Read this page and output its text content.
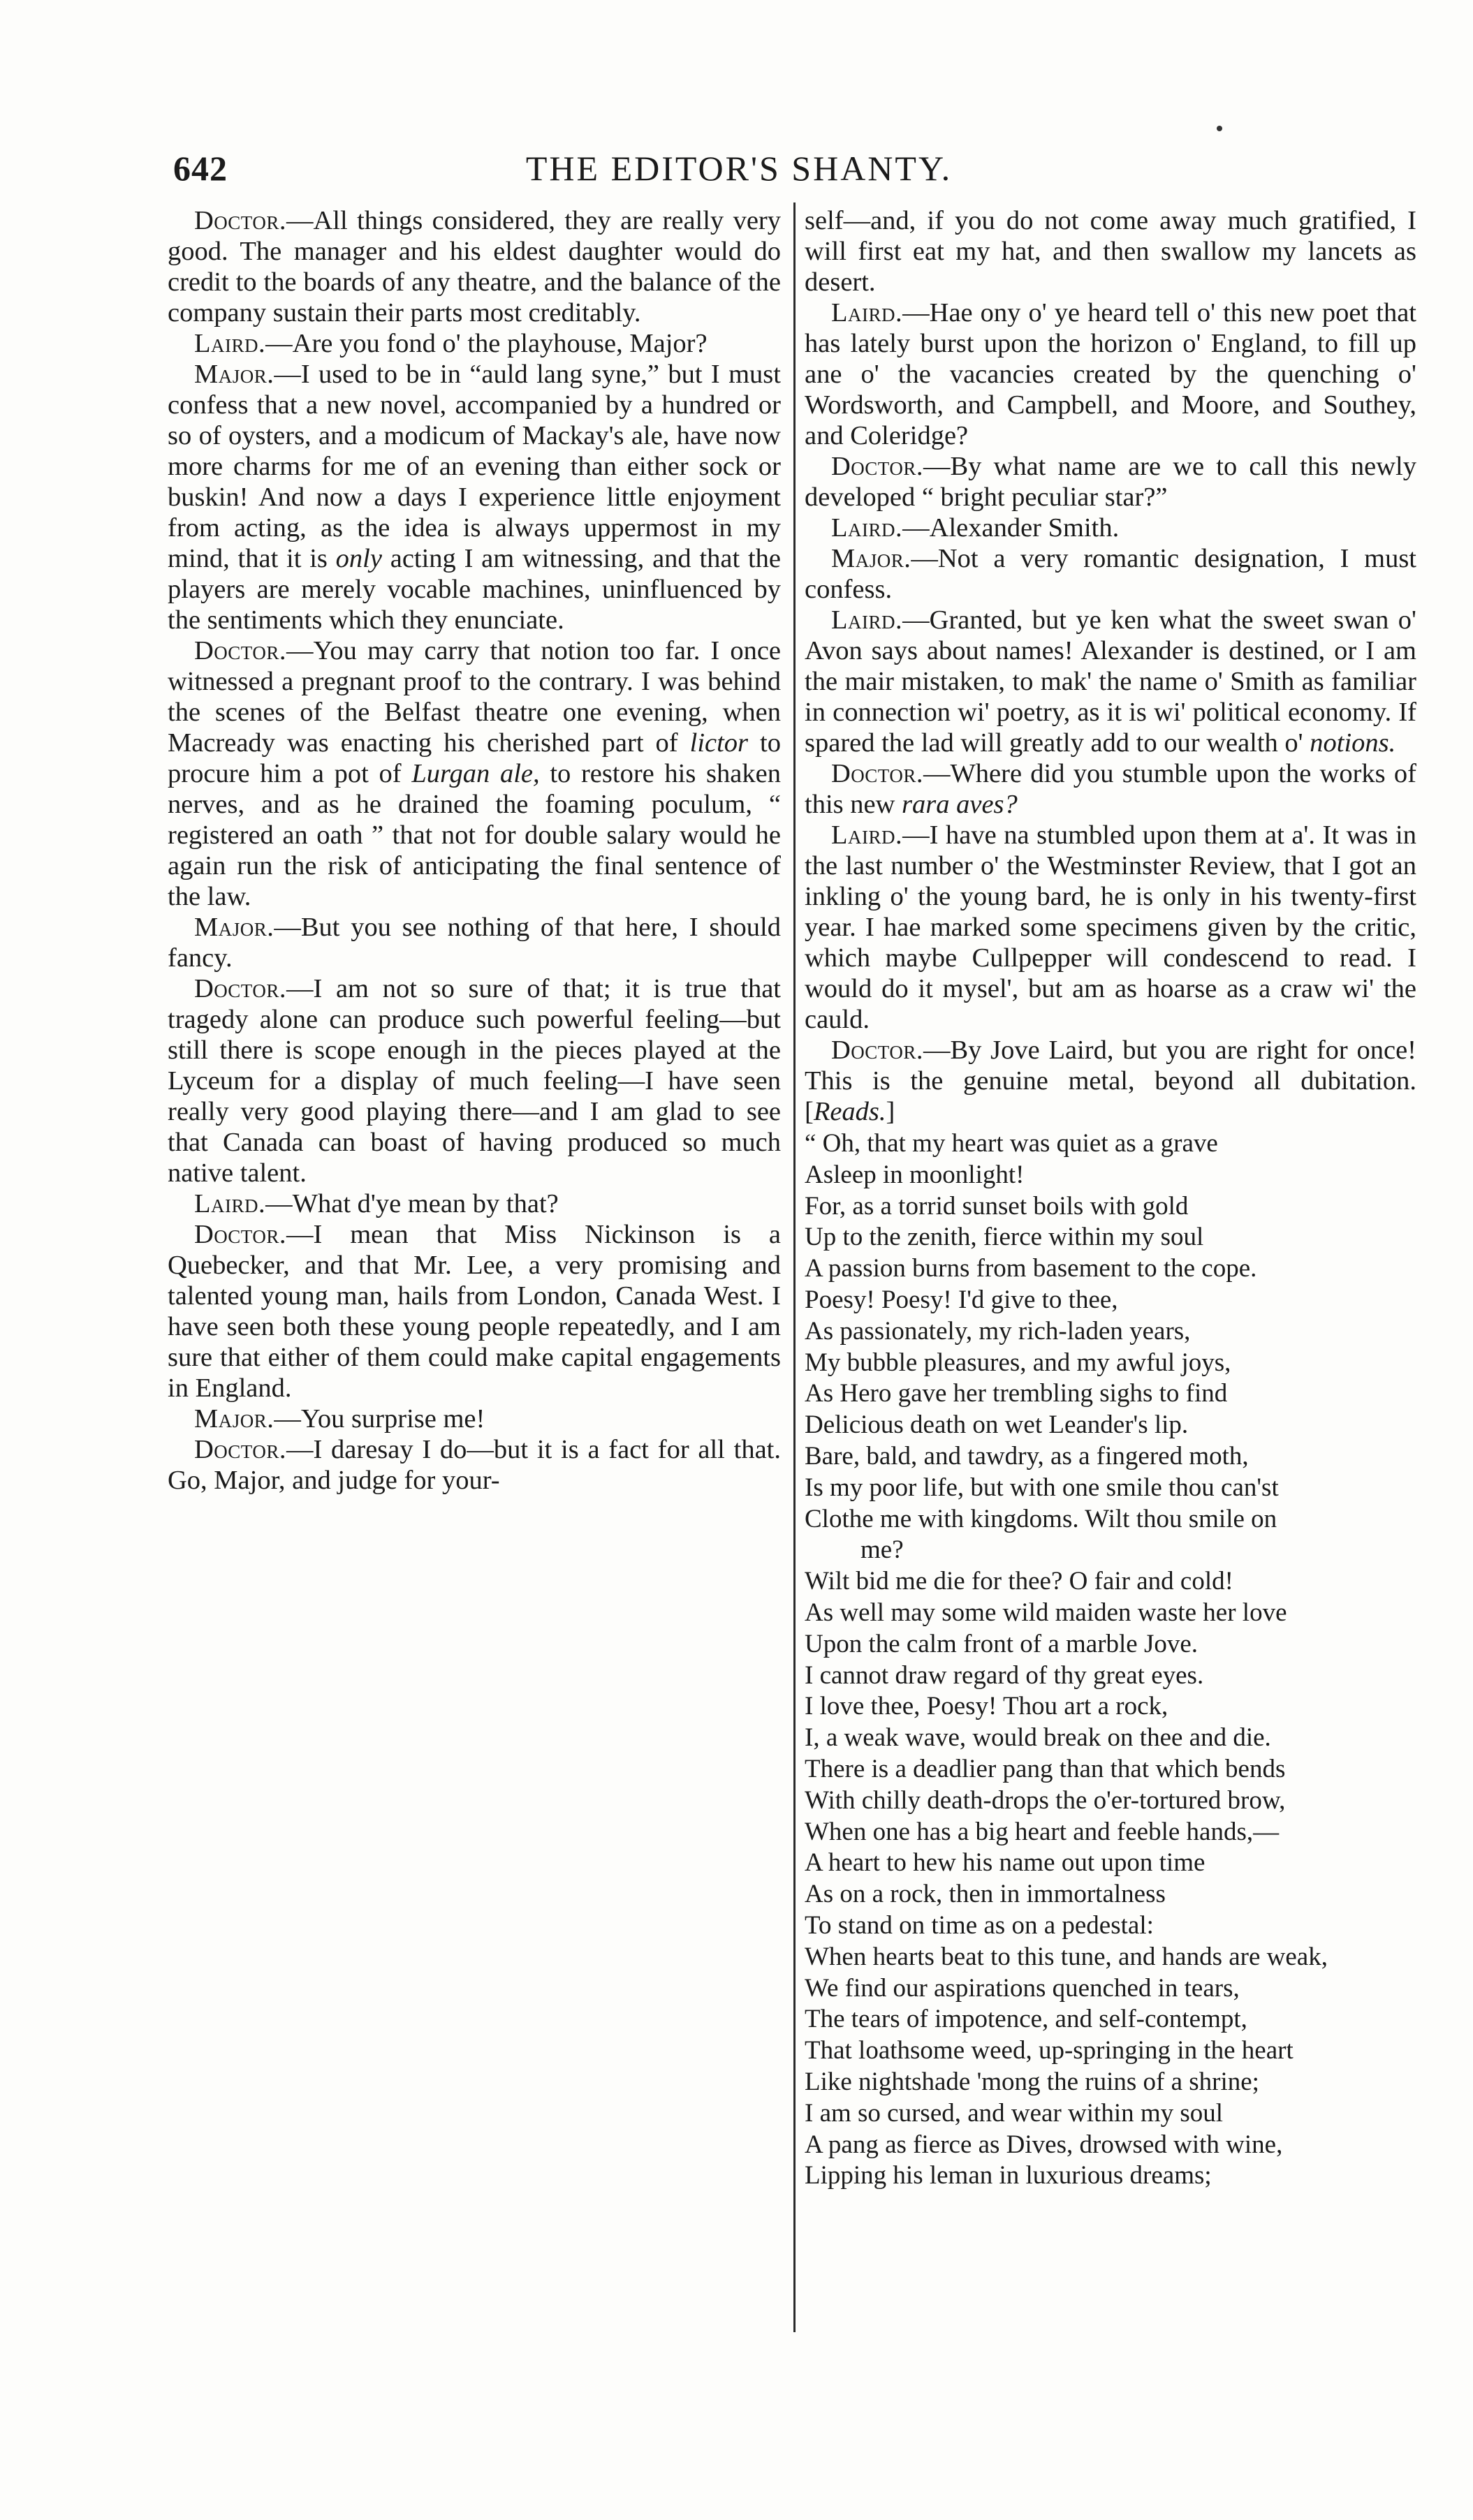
642	THE EDITOR'S SHANTY.

Doctor.—All things considered, they are really very good. The manager and his eldest daughter would do credit to the boards of any theatre, and the balance of the company sustain their parts most creditably.

Laird.—Are you fond o' the playhouse, Major?

Major.—I used to be in “auld lang syne,” but I must confess that a new novel, accompanied by a hundred or so of oysters, and a modicum of Mackay's ale, have now more charms for me of an evening than either sock or buskin! And now a days I experience little enjoyment from acting, as the idea is always uppermost in my mind, that it is only acting I am witnessing, and that the players are merely vocable machines, uninfluenced by the sentiments which they enunciate.

Doctor.—You may carry that notion too far. I once witnessed a pregnant proof to the contrary. I was behind the scenes of the Belfast theatre one evening, when Macready was enacting his cherished part of lictor to procure him a pot of Lurgan ale, to restore his shaken nerves, and as he drained the foaming poculum, “ registered an oath ” that not for double salary would he again run the risk of anticipating the final sentence of the law.

Major.—But you see nothing of that here, I should fancy.

Doctor.—I am not so sure of that; it is true that tragedy alone can produce such powerful feeling—but still there is scope enough in the pieces played at the Lyceum for a display of much feeling—I have seen really very good playing there—and I am glad to see that Canada can boast of having produced so much native talent.

Laird.—What d'ye mean by that?

Doctor.—I mean that Miss Nickinson is a Quebecker, and that Mr. Lee, a very promising and talented young man, hails from London, Canada West. I have seen both these young people repeatedly, and I am sure that either of them could make capital engagements in England.

Major.—You surprise me!

Doctor.—I daresay I do—but it is a fact for all that. Go, Major, and judge for your-

self—and, if you do not come away much gratified, I will first eat my hat, and then swallow my lancets as desert.

Laird.—Hae ony o' ye heard tell o' this new poet that has lately burst upon the horizon o' England, to fill up ane o' the vacancies created by the quenching o' Wordsworth, and Campbell, and Moore, and Southey, and Coleridge?

Doctor.—By what name are we to call this newly developed “ bright peculiar star?”

Laird.—Alexander Smith.

Major.—Not a very romantic designation, I must confess.

Laird.—Granted, but ye ken what the sweet swan o' Avon says about names! Alexander is destined, or I am the mair mistaken, to mak' the name o' Smith as familiar in connection wi' poetry, as it is wi' political economy. If spared the lad will greatly add to our wealth o' notions.

Doctor.—Where did you stumble upon the works of this new rara aves?

Laird.—I have na stumbled upon them at a'. It was in the last number o' the Westminster Review, that I got an inkling o' the young bard, he is only in his twenty-first year. I hae marked some specimens given by the critic, which maybe Cullpepper will condescend to read. I would do it mysel', but am as hoarse as a craw wi' the cauld.

Doctor.—By Jove Laird, but you are right for once! This is the genuine metal, beyond all dubitation. [Reads.]

“ Oh, that my heart was quiet as a grave
Asleep in moonlight!
For, as a torrid sunset boils with gold
Up to the zenith, fierce within my soul
A passion burns from basement to the cope.
Poesy! Poesy! I'd give to thee,
As passionately, my rich-laden years,
My bubble pleasures, and my awful joys,
As Hero gave her trembling sighs to find
Delicious death on wet Leander's lip.
Bare, bald, and tawdry, as a fingered moth,
Is my poor life, but with one smile thou can'st
Clothe me with kingdoms. Wilt thou smile on
me?
Wilt bid me die for thee? O fair and cold!
As well may some wild maiden waste her love
Upon the calm front of a marble Jove.
I cannot draw regard of thy great eyes.
I love thee, Poesy! Thou art a rock,
I, a weak wave, would break on thee and die.
There is a deadlier pang than that which bends
With chilly death-drops the o'er-tortured brow,
When one has a big heart and feeble hands,—
A heart to hew his name out upon time
As on a rock, then in immortalness
To stand on time as on a pedestal:
When hearts beat to this tune, and hands are weak,
We find our aspirations quenched in tears,
The tears of impotence, and self-contempt,
That loathsome weed, up-springing in the heart
Like nightshade 'mong the ruins of a shrine;
I am so cursed, and wear within my soul
A pang as fierce as Dives, drowsed with wine,
Lipping his leman in luxurious dreams;
